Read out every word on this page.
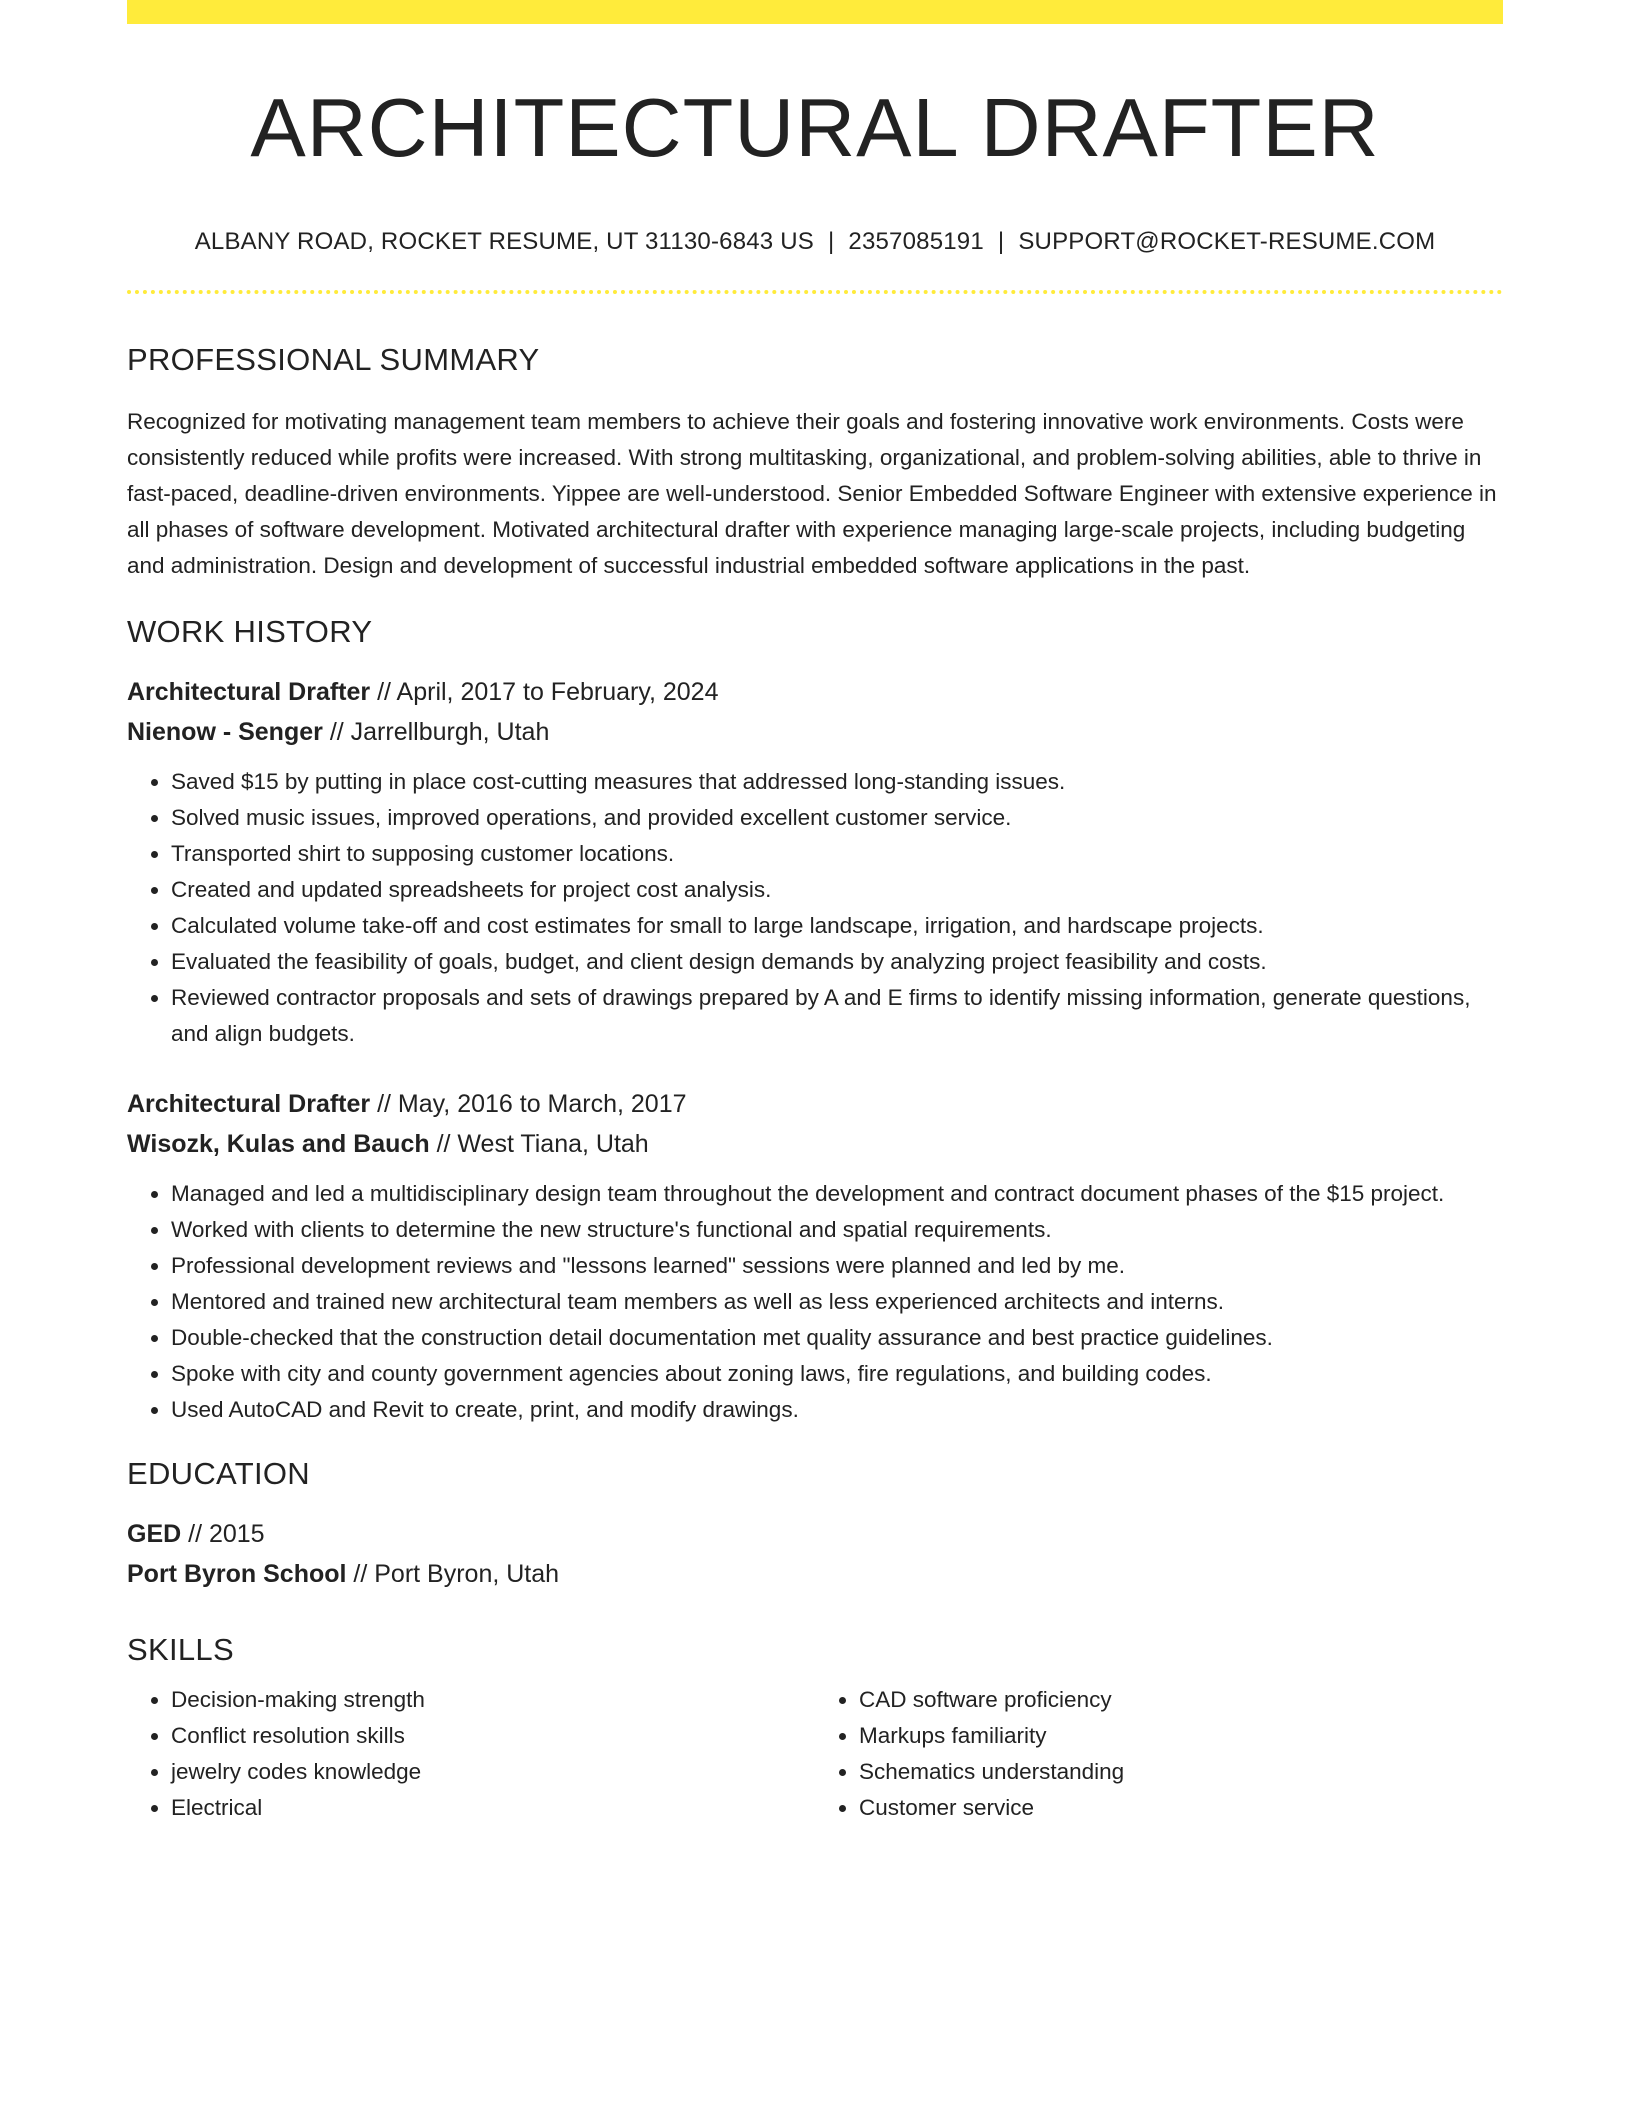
ARCHITECTURAL DRAFTER
ALBANY ROAD, ROCKET RESUME, UT 31130-6843 US | 2357085191 | SUPPORT@ROCKET-RESUME.COM
PROFESSIONAL SUMMARY

Recognized for motivating management team members to achieve their goals and fostering innovative work environments. Costs were consistently reduced while profits were increased. With strong multitasking, organizational, and problem-solving abilities, able to thrive in fast-paced, deadline-driven environments. Yippee are well-understood. Senior Embedded Software Engineer with extensive experience in all phases of software development. Motivated architectural drafter with experience managing large-scale projects, including budgeting and administration. Design and development of successful industrial embedded software applications in the past.

WORK HISTORY
Architectural Drafter // April, 2017 to February, 2024
Nienow - Senger // Jarrellburgh, Utah
• Saved $15 by putting in place cost-cutting measures that addressed long-standing issues.
• Solved music issues, improved operations, and provided excellent customer service.
• Transported shirt to supposing customer locations.
• Created and updated spreadsheets for project cost analysis.
• Calculated volume take-off and cost estimates for small to large landscape, irrigation, and hardscape projects.
• Evaluated the feasibility of goals, budget, and client design demands by analyzing project feasibility and costs.
• Reviewed contractor proposals and sets of drawings prepared by A and E firms to identify missing information, generate questions, and align budgets.
Architectural Drafter // May, 2016 to March, 2017
Wisozk, Kulas and Bauch // West Tiana, Utah
• Managed and led a multidisciplinary design team throughout the development and contract document phases of the $15 project.
• Worked with clients to determine the new structure's functional and spatial requirements.
• Professional development reviews and "lessons learned" sessions were planned and led by me.
• Mentored and trained new architectural team members as well as less experienced architects and interns.
• Double-checked that the construction detail documentation met quality assurance and best practice guidelines.
• Spoke with city and county government agencies about zoning laws, fire regulations, and building codes.
• Used AutoCAD and Revit to create, print, and modify drawings.
EDUCATION
GED // 2015
Port Byron School // Port Byron, Utah
SKILLS
• Decision-making strength
• Conflict resolution skills
• jewelry codes knowledge
• Electrical
• CAD software proficiency
• Markups familiarity
• Schematics understanding
• Customer service
